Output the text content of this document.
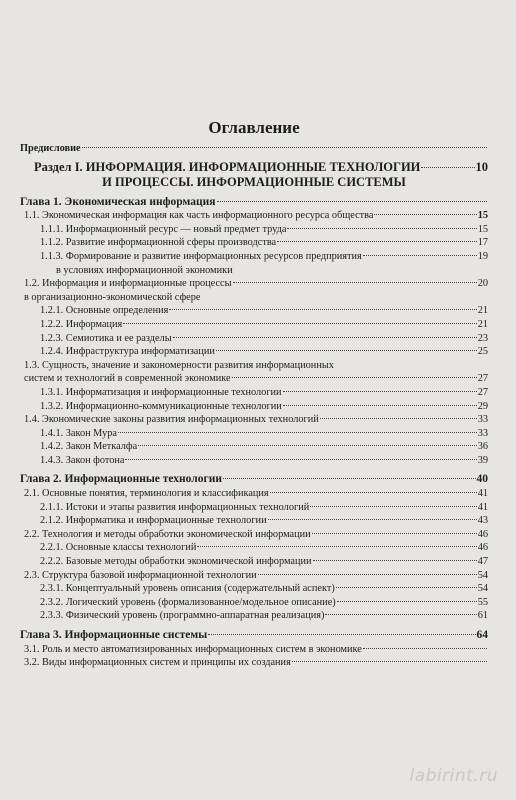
Оглавление
Предисловие
Раздел I. ИНФОРМАЦИЯ. ИНФОРМАЦИОННЫЕ ТЕХНОЛОГИИ	10
И ПРОЦЕССЫ. ИНФОРМАЦИОННЫЕ СИСТЕМЫ
Глава 1. Экономическая информация
1.1. Экономическая информация как часть информационного ресурса общества	15
1.1.1. Информационный ресурс — новый предмет труда	15
1.1.2. Развитие информационной сферы производства	17
1.1.3. Формирование и развитие информационных ресурсов предприятия	19
в условиях информационной экономики
1.2. Информация и информационные процессы	20
в организационно-экономической сфере
1.2.1. Основные определения	21
1.2.2. Информация	21
1.2.3. Семиотика и ее разделы	23
1.2.4. Инфраструктура информатизации	25
1.3. Сущность, значение и закономерности развития информационных
систем и технологий в современной экономике	27
1.3.1. Информатизация и информационные технологии	27
1.3.2. Информационно-коммуникационные технологии	29
1.4. Экономические законы развития информационных технологий	33
1.4.1. Закон Мура	33
1.4.2. Закон Меткалфа	36
1.4.3. Закон фотона	39
Глава 2. Информационные технологии	40
2.1. Основные понятия, терминология и классификация	41
2.1.1. Истоки и этапы развития информационных технологий	41
2.1.2. Информатика и информационные технологии	43
2.2. Технология и методы обработки экономической информации	46
2.2.1. Основные классы технологий	46
2.2.2. Базовые методы обработки экономической информации	47
2.3. Структура базовой информационной технологии	54
2.3.1. Концептуальный уровень описания (содержательный аспект)	54
2.3.2. Логический уровень (формализованное/модельное описание)	55
2.3.3. Физический уровень (программно-аппаратная реализация)	61
Глава 3. Информационные системы	64
3.1. Роль и место автоматизированных информационных систем в экономике
3.2. Виды информационных систем и принципы их создания
labirint.ru
